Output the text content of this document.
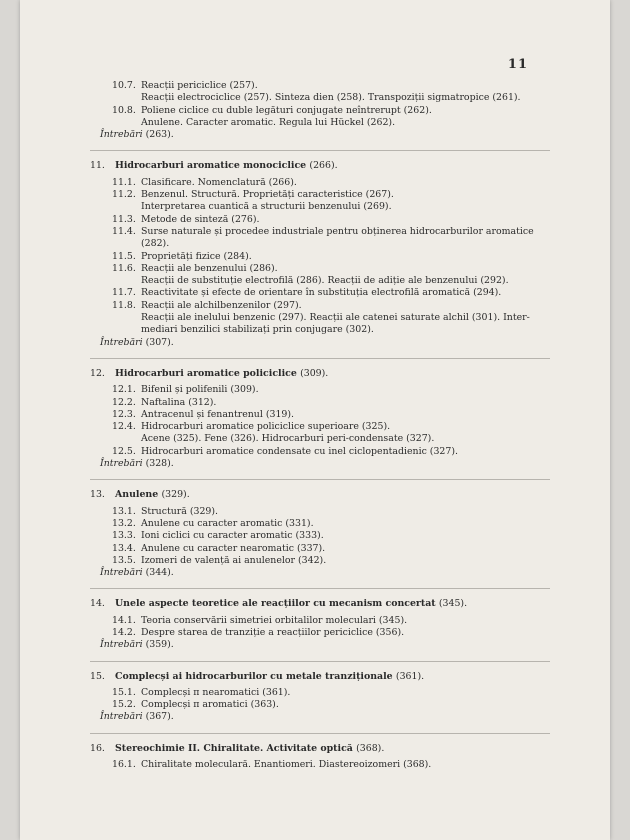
11
10.7. Reacții periciclice (257).
Reacții electrociclice (257). Sinteza dien (258). Transpoziții sigmatropice (261).
10.8. Poliene ciclice cu duble legături conjugate neîntrerupt (262).
Anulene. Caracter aromatic. Regula lui Hückel (262).
Întrebări (263).
11.	Hidrocarburi aromatice monociclice (266).
11.1. Clasificare. Nomenclatură (266).
11.2. Benzenul. Structură. Proprietăți caracteristice (267).
Interpretarea cuantică a structurii benzenului (269).
11.3. Metode de sinteză (276).
11.4. Surse naturale și procedee industriale pentru obținerea hidrocarburilor aromatice
(282).
11.5. Proprietăți fizice (284).
11.6. Reacții ale benzenului (286).
Reacții de substituție electrofilă (286). Reacții de adiție ale benzenului (292).
11.7. Reactivitate și efecte de orientare în substituția electrofilă aromatică (294).
11.8. Reacții ale alchilbenzenilor (297).
Reacții ale inelului benzenic (297). Reacții ale catenei saturate alchil (301). Inter-
mediari benzilici stabilizați prin conjugare (302).
Întrebări (307).
12.	Hidrocarburi aromatice policiclice (309).
12.1. Bifenil și polifenili (309).
12.2. Naftalina (312).
12.3. Antracenul și fenantrenul (319).
12.4. Hidrocarburi aromatice policiclice superioare (325).
Acene (325). Fene (326). Hidrocarburi peri-condensate (327).
12.5. Hidrocarburi aromatice condensate cu inel ciclopentadienic (327).
Întrebări (328).
13.	Anulene (329).
13.1. Structură (329).
13.2. Anulene cu caracter aromatic (331).
13.3. Ioni ciclici cu caracter aromatic (333).
13.4. Anulene cu caracter nearomatic (337).
13.5. Izomeri de valență ai anulenelor (342).
Întrebări (344).
14.	Unele aspecte teoretice ale reacțiilor cu mecanism concertat (345).
14.1. Teoria conservării simetriei orbitalilor moleculari (345).
14.2. Despre starea de tranziție a reacțiilor periciclice (356).
Întrebări (359).
15.	Complecși ai hidrocarburilor cu metale tranziționale (361).
15.1. Complecși π nearomatici (361).
15.2. Complecși π aromatici (363).
Întrebări (367).
16.	Stereochimie II. Chiralitate. Activitate optică (368).
16.1. Chiralitate moleculară. Enantiomeri. Diastereoizomeri (368).
